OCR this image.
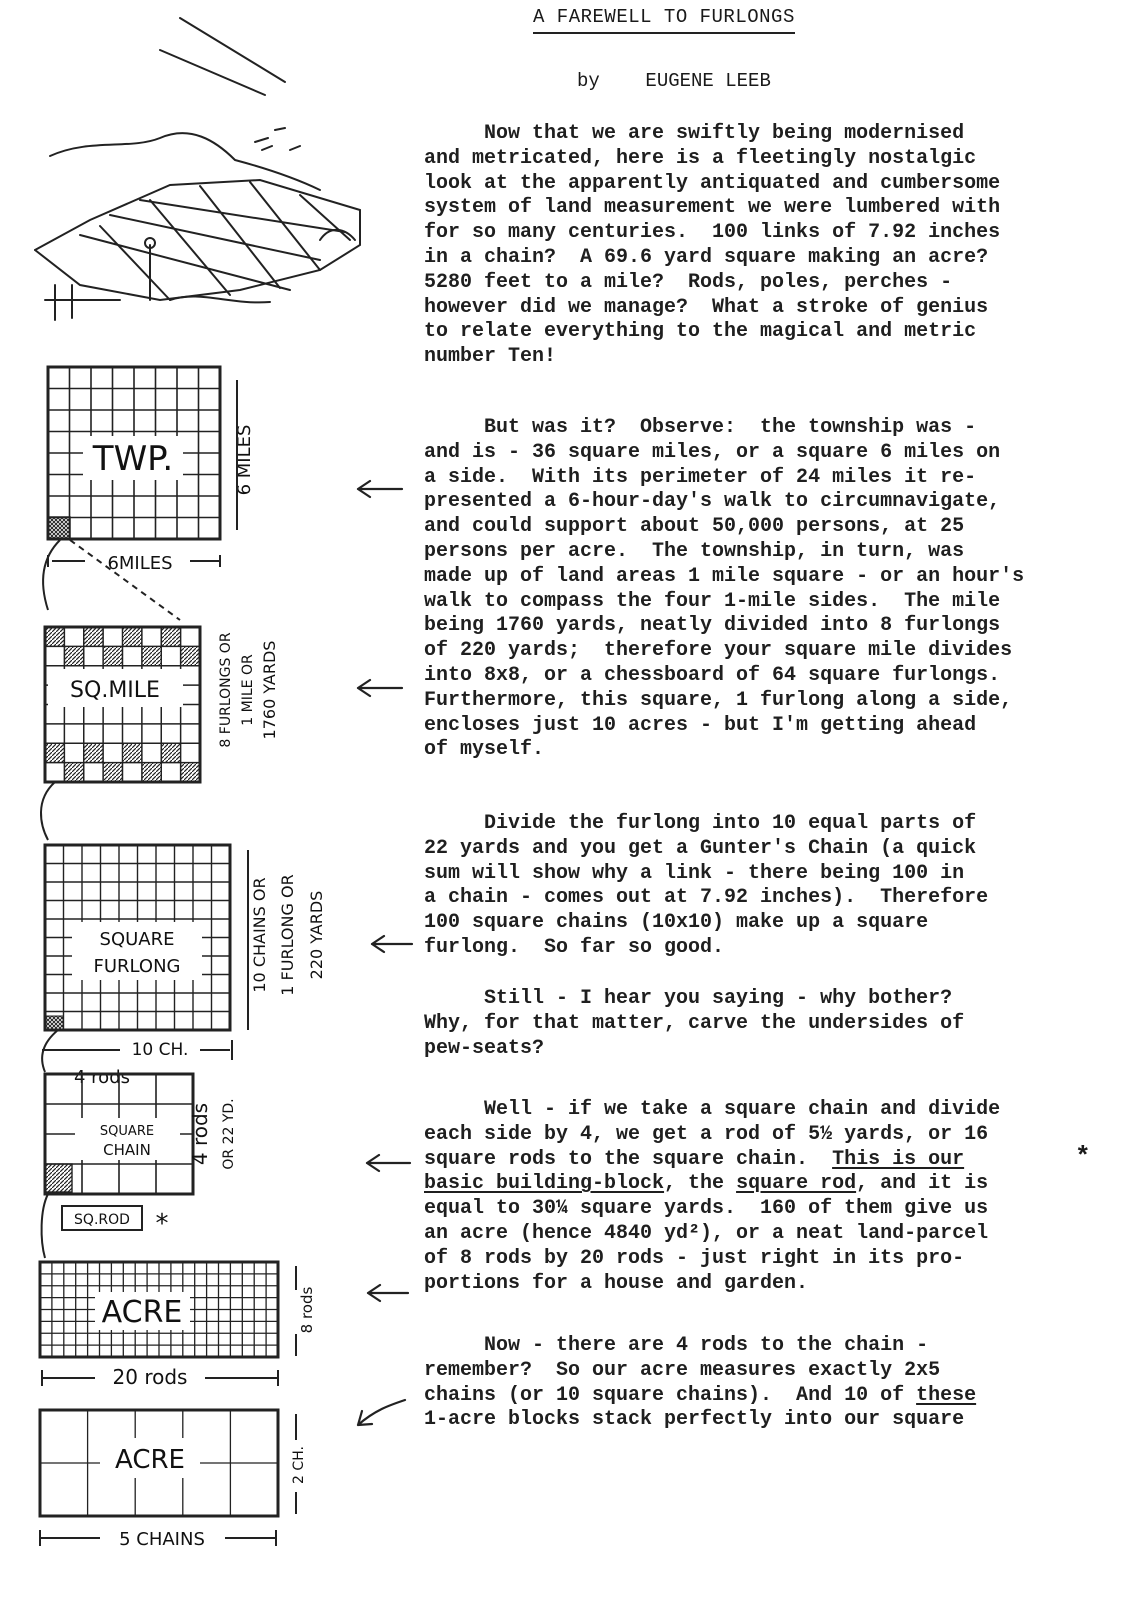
A FAREWELL TO FURLONGS
by EUGENE LEEB
Now that we are swiftly being modernised
and metricated, here is a fleetingly nostalgic
look at the apparently antiquated and cumbersome
system of land measurement we were lumbered with
for so many centuries.  100 links of 7.92 inches
in a chain?  A 69.6 yard square making an acre?
5280 feet to a mile?  Rods, poles, perches -
however did we manage?  What a stroke of genius
to relate everything to the magical and metric
number Ten!
But was it?  Observe:  the township was -
and is - 36 square miles, or a square 6 miles on
a side.  With its perimeter of 24 miles it re-
presented a 6-hour-day's walk to circumnavigate,
and could support about 50,000 persons, at 25
persons per acre.  The township, in turn, was
made up of land areas 1 mile square - or an hour's
walk to compass the four 1-mile sides.  The mile
being 1760 yards, neatly divided into 8 furlongs
of 220 yards;  therefore your square mile divides
into 8x8, or a chessboard of 64 square furlongs.
Furthermore, this square, 1 furlong along a side,
encloses just 10 acres - but I'm getting ahead
of myself.
Divide the furlong into 10 equal parts of
22 yards and you get a Gunter's Chain (a quick
sum will show why a link - there being 100 in
a chain - comes out at 7.92 inches).  Therefore
100 square chains (10x10) make up a square
furlong.  So far so good.
Still - I hear you saying - why bother?
Why, for that matter, carve the undersides of
pew-seats?
Well - if we take a square chain and divide
each side by 4, we get a rod of 5½ yards, or 16
square rods to the square chain.  This is our
basic building-block, the square rod, and it is
equal to 30¼ square yards.  160 of them give us
an acre (hence 4840 yd²), or a neat land-parcel
of 8 rods by 20 rods - just right in its pro-
portions for a house and garden.
Now - there are 4 rods to the chain -
remember?  So our acre measures exactly 2x5
chains (or 10 square chains).  And 10 of these
1-acre blocks stack perfectly into our square
*
TWP.	6 MILES
6MILES
SQ.MILE	8 FURLONGS OR 1 MILE OR 1760 YARDS
SQUARE
FURLONG	10 CHAINS OR 1 FURLONG OR 220 YARDS
10 CH.
4 rods
SQUARE
CHAIN 4 rods OR 22 YD.
SQ.ROD *
ACRE	8 rods
20 rods
ACRE	2 CH.
5 CHAINS
